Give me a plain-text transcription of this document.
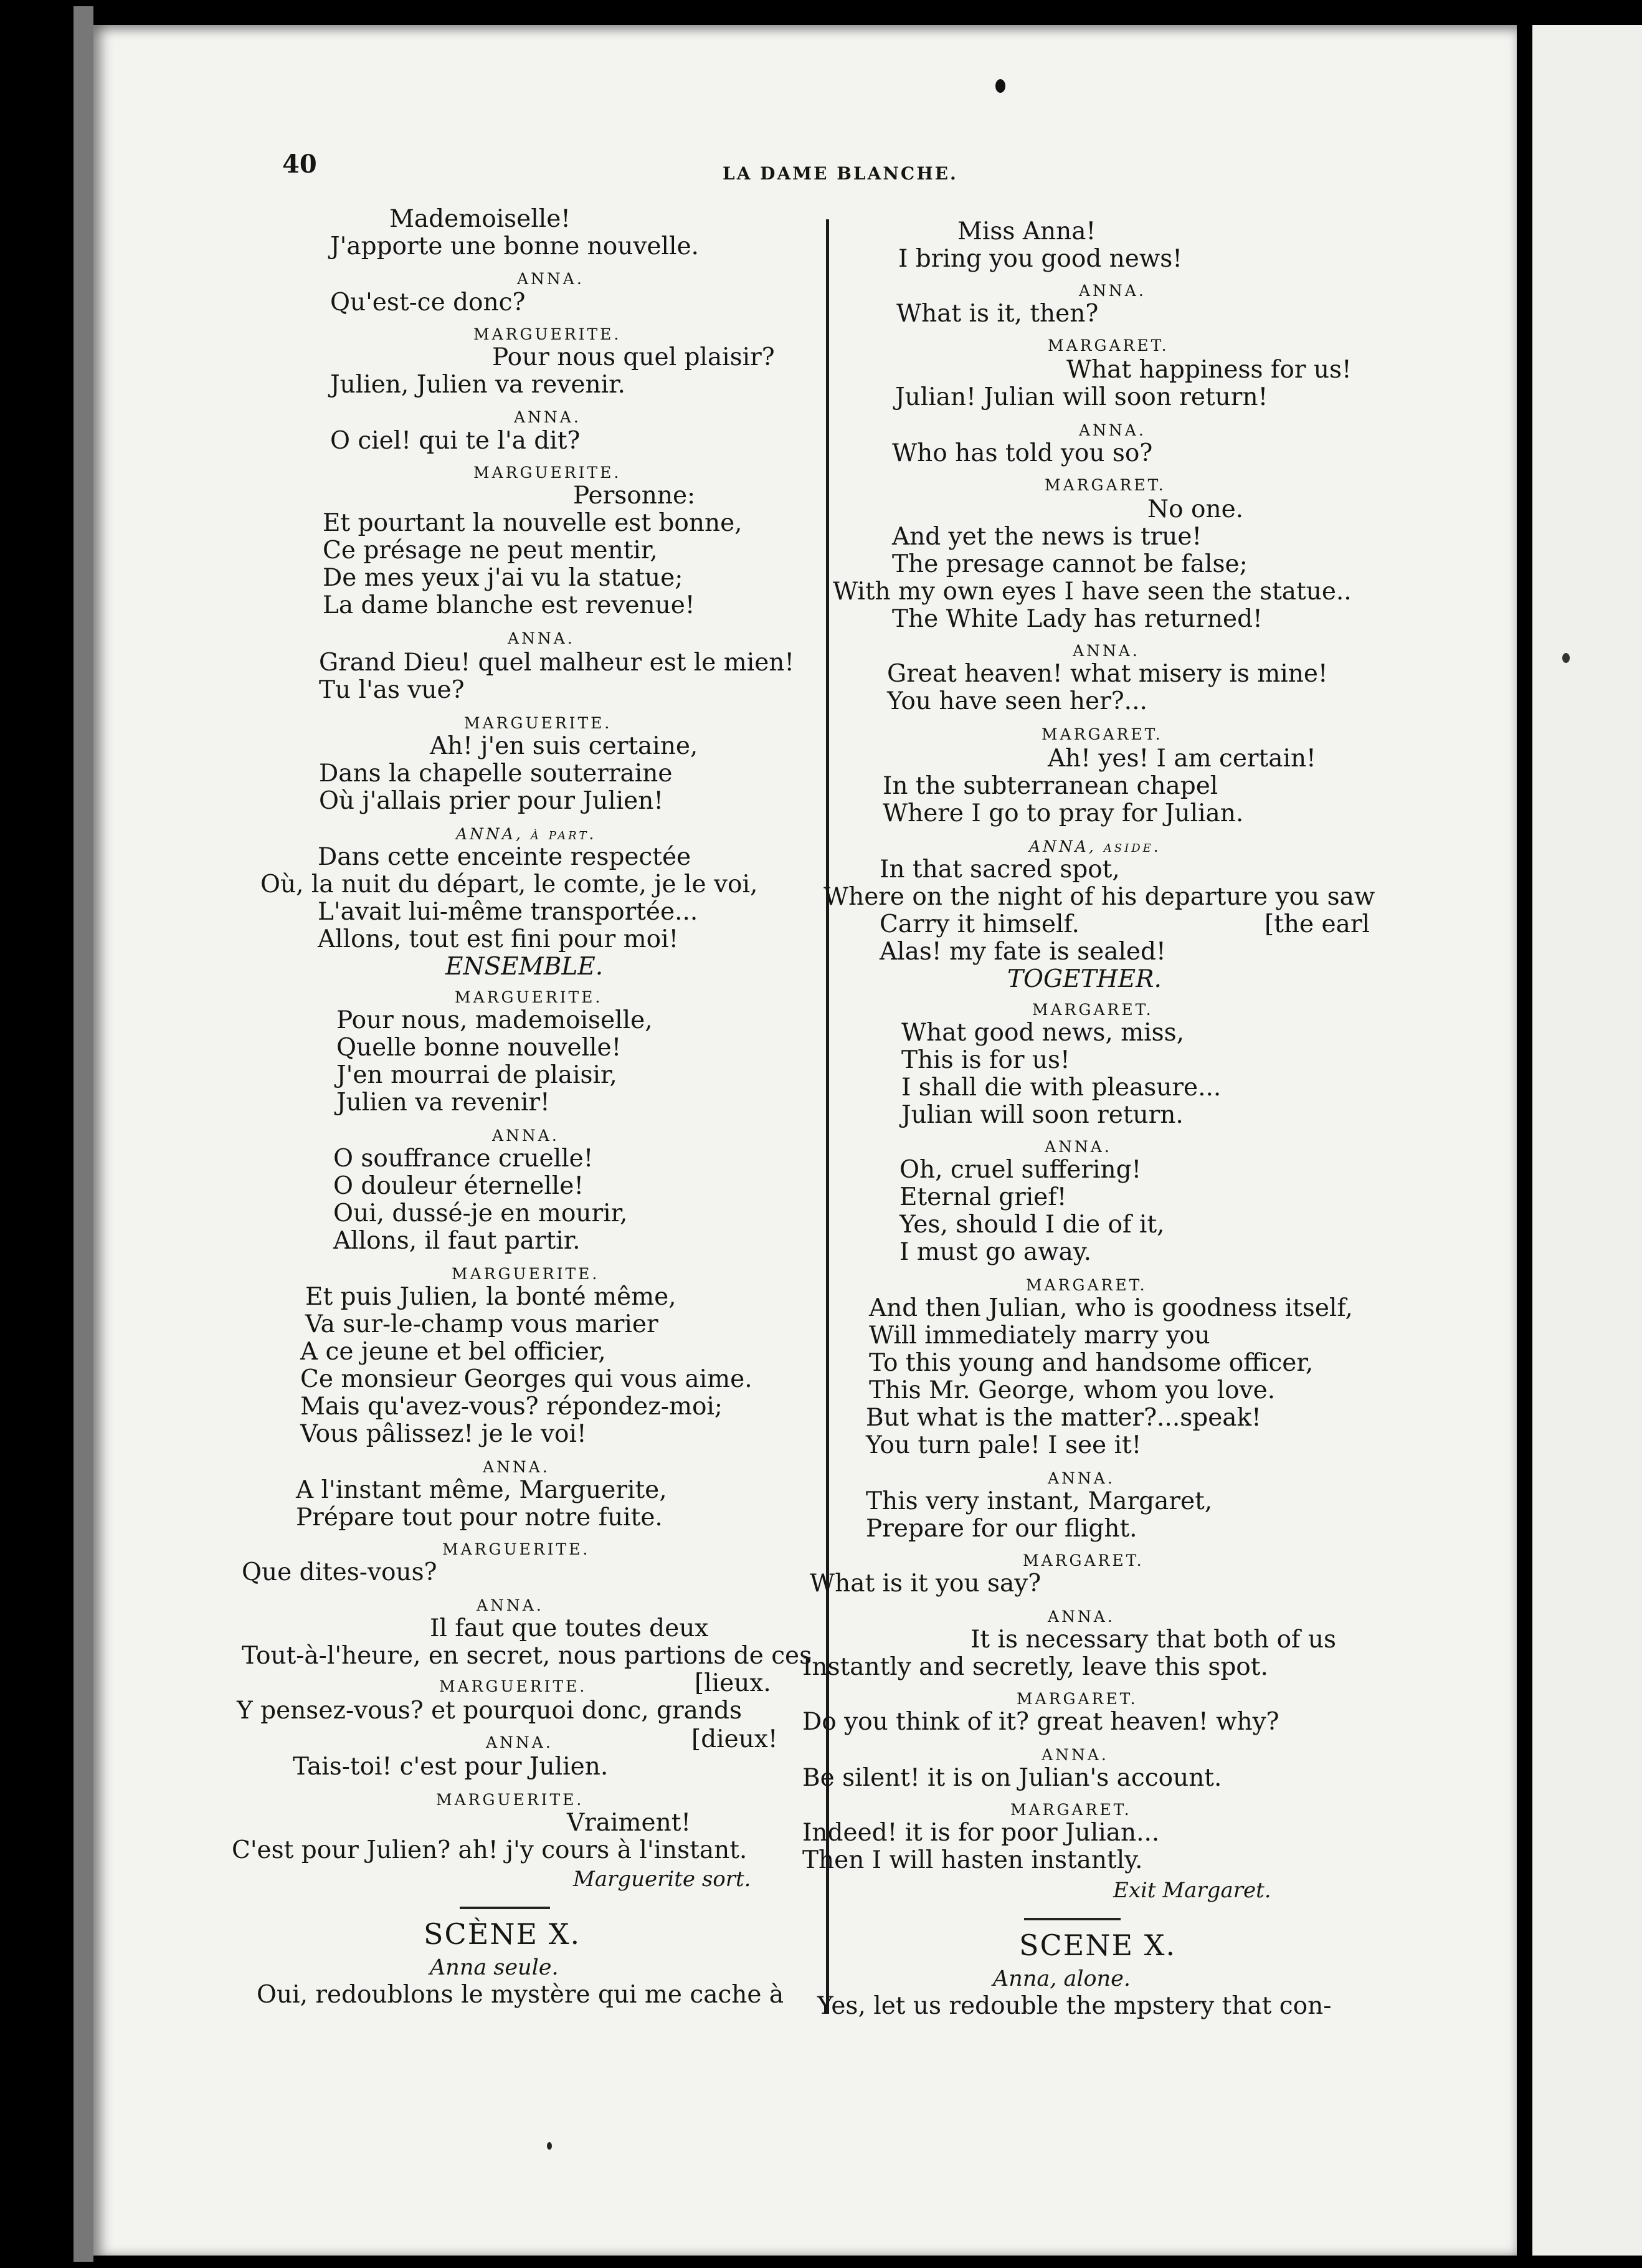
40	LA DAME BLANCHE.
Mademoiselle!
J'apporte une bonne nouvelle.
ANNA.
Qu'est-ce donc?
MARGUERITE.
Pour nous quel plaisir?
Julien, Julien va revenir.
ANNA.
O ciel! qui te l'a dit?
MARGUERITE.
Personne:
Et pourtant la nouvelle est bonne,
Ce présage ne peut mentir,
De mes yeux j'ai vu la statue;
La dame blanche est revenue!
ANNA.
Grand Dieu! quel malheur est le mien!
Tu l'as vue?
MARGUERITE.
Ah! j'en suis certaine,
Dans la chapelle souterraine
Où j'allais prier pour Julien!
ANNA, à part.
Dans cette enceinte respectée
Où, la nuit du départ, le comte, je le voi,
L'avait lui-même transportée...
Allons, tout est fini pour moi!
ENSEMBLE.
MARGUERITE.
Pour nous, mademoiselle,
Quelle bonne nouvelle!
J'en mourrai de plaisir,
Julien va revenir!
ANNA.
O souffrance cruelle!
O douleur éternelle!
Oui, dussé-je en mourir,
Allons, il faut partir.
MARGUERITE.
Et puis Julien, la bonté même,
Va sur-le-champ vous marier
A ce jeune et bel officier,
Ce monsieur Georges qui vous aime.
Mais qu'avez-vous? répondez-moi;
Vous pâlissez! je le voi!
ANNA.
A l'instant même, Marguerite,
Prépare tout pour notre fuite.
MARGUERITE.
Que dites-vous?
ANNA.
Il faut que toutes deux
Tout-à-l'heure, en secret, nous partions de ces
MARGUERITE.	[lieux.
Y pensez-vous? et pourquoi donc, grands
ANNA.	[dieux!
Tais-toi! c'est pour Julien.
MARGUERITE.
Vraiment!
C'est pour Julien? ah! j'y cours à l'instant.
Marguerite sort.
SCÈNE X.
Anna seule.
Oui, redoublons le mystère qui me cache à
Miss Anna!
I bring you good news!
ANNA.
What is it, then?
MARGARET.
What happiness for us!
Julian! Julian will soon return!
ANNA.
Who has told you so?
MARGARET.
No one.
And yet the news is true!
The presage cannot be false;
With my own eyes I have seen the statue..
The White Lady has returned!
ANNA.
Great heaven! what misery is mine!
You have seen her?...
MARGARET.
Ah! yes! I am certain!
In the subterranean chapel
Where I go to pray for Julian.
ANNA, aside.
In that sacred spot,
Where on the night of his departure you saw
Carry it himself.	[the earl
Alas! my fate is sealed!
TOGETHER.
MARGARET.
What good news, miss,
This is for us!
I shall die with pleasure...
Julian will soon return.
ANNA.
Oh, cruel suffering!
Eternal grief!
Yes, should I die of it,
I must go away.
MARGARET.
And then Julian, who is goodness itself,
Will immediately marry you
To this young and handsome officer,
This Mr. George, whom you love.
But what is the matter?...speak!
You turn pale! I see it!
ANNA.
This very instant, Margaret,
Prepare for our flight.
MARGARET.
What is it you say?
ANNA.
It is necessary that both of us
Instantly and secretly, leave this spot.
MARGARET.
Do you think of it? great heaven! why?
ANNA.
Be silent! it is on Julian's account.
MARGARET.
Indeed! it is for poor Julian...
Then I will hasten instantly.
Exit Margaret.
SCENE X.
Anna, alone.
Yes, let us redouble the mpstery that con-
